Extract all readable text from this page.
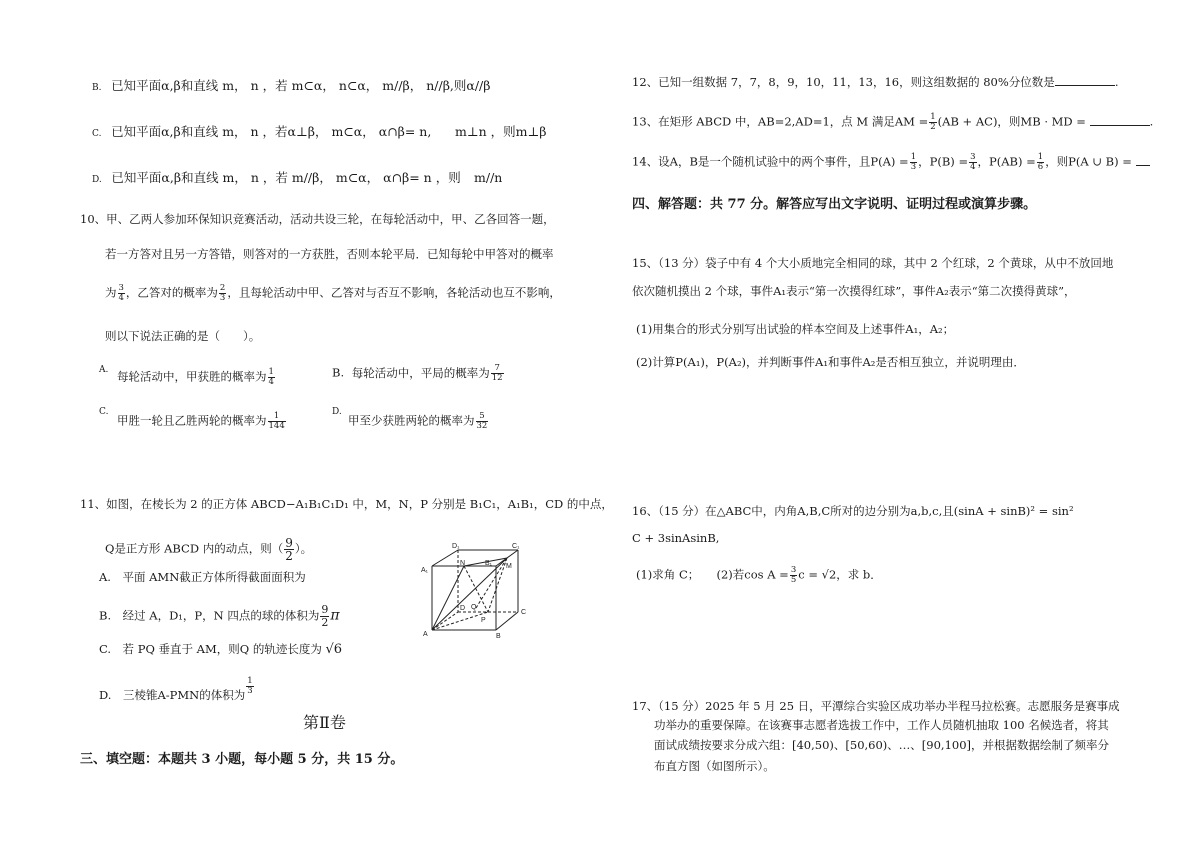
B. 已知平面α,β和直线 m， n ，若 m⊂α， n⊂α， m//β， n//β,则α//β
C. 已知平面α,β和直线 m， n ，若α⊥β， m⊂α， α∩β= n, m⊥n ，则m⊥β
D. 已知平面α,β和直线 m， n ，若 m//β， m⊂α， α∩β= n ，则 m//n
10、甲、乙两人参加环保知识竞赛活动，活动共设三轮，在每轮活动中，甲、乙各回答一题，
若一方答对且另一方答错，则答对的一方获胜，否则本轮平局．已知每轮中甲答对的概率
为 $\frac{3}{4}$ ，乙答对的概率为 $\frac{2}{3}$ ，且每轮活动中甲、乙答对与否互不影响，各轮活动也互不影响，
则以下说法正确的是（　　）。
A. 每轮活动中，甲获胜的概率为 $\frac{1}{4}$	B. 每轮活动中，平局的概率为 $\frac{7}{12}$
C.
甲胜一轮且乙胜两轮的概率为 $\frac{1}{144}$	D.
甲至少获胜两轮的概率为 $\frac{5}{32}$
11、如图，在棱长为 2 的正方体 ABCD−A₁B₁C₁D₁ 中，M，N，P 分别是 B₁C₁，A₁B₁，CD 的中点，
Q是正方形 ABCD 内的动点，则（ $\frac{9}{2}$ ）。
A.　平面 AMN截正方体所得截面面积为
B.　经过 A，D₁，P，N 四点的球的体积为 $\frac{9}{2}$ π
C.　若 PQ 垂直于 AM，则Q 的轨迹长度为 √6
D.　三棱锥A-PMN的体积为 $\frac{1}{3}$
D₁	C₁
A₁
N	B₁ M
D Q
P
C
A	B
第Ⅱ卷
三、填空题：本题共 3 小题，每小题 5 分，共 15 分。
12、已知一组数据 7，7，8，9，10，11，13，16，则这组数据的 80%分位数是	.
13、在矩形 ABCD 中，AB=2,AD=1，点 M 满足AM = $\frac{1}{2} (AB + AC)$，则MB · MD =	.
14、设A，B是一个随机试验中的两个事件，且$P(A) = \frac{1}{3}$ ，$P(B) = \frac{3}{4}$ ，$P(AB) = \frac{1}{6}$ ，则P(A ∪ B) =
四、解答题：共 77 分。解答应写出文字说明、证明过程或演算步骤。
15、（13 分）袋子中有 4 个大小质地完全相同的球，其中 2 个红球，2 个黄球，从中不放回地
依次随机摸出 2 个球，事件A₁表示“第一次摸得红球”，事件A₂表示“第二次摸得黄球”，
(1)用集合的形式分别写出试验的样本空间及上述事件A₁，A₂；
(2)计算P(A₁)，P(A₂)，并判断事件A₁和事件A₂是否相互独立，并说明理由．
16、（15 分）在△ABC中，内角A,B,C所对的边分别为a,b,c,且(sinA + sinB)² = sin²
C + 3sinAsinB,
(1)求角 C；　　(2)若$\cos A = \frac{3}{5}$ c = √2，求 b．
17、（15 分）2025 年 5 月 25 日，平潭综合实验区成功举办半程马拉松赛。志愿服务是赛事成
功举办的重要保障。在该赛事志愿者选拔工作中，工作人员随机抽取 100 名候选者，将其
面试成绩按要求分成六组：[40,50)、[50,60)、…、[90,100]，并根据数据绘制了频率分
布直方图（如图所示）。
